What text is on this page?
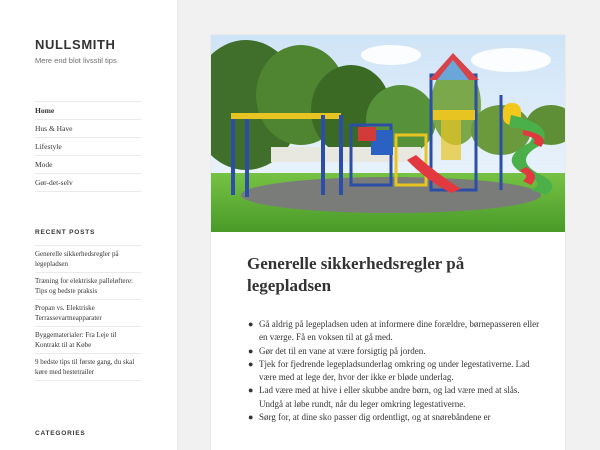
NULLSMITH
Mere end blot livsstil tips
Home
Hus & Have
Lifestyle
Mode
Gør-det-selv
RECENT POSTS
Generelle sikkerhedsregler på legepladsen
Træning for elektriske palleløftere: Tips og bedste praksis
Propan vs. Elektriske Terrassevarmeapparater
Byggematerialer: Fra Leje til Kontrakt til at Købe
9 bedste tips til første gang, du skal køre med hestetrailer
CATEGORIES
Generelle sikkerhedsregler på legepladsen
● Gå aldrig på legepladsen uden at informere dine forældre, børnepasseren eller en værge. Få en voksen til at gå med.
● Gør det til en vane at være forsigtig på jorden.
● Tjek for fjedrende legepladsunderlag omkring og under legestativerne. Lad være med at lege der, hvor der ikke er bløde underlag.
● Lad være med at hive i eller skubbe andre børn, og lad være med at slås. Undgå at løbe rundt, når du leger omkring legestativerne.
● Sørg for, at dine sko passer dig ordentligt, og at snørebåndene er
